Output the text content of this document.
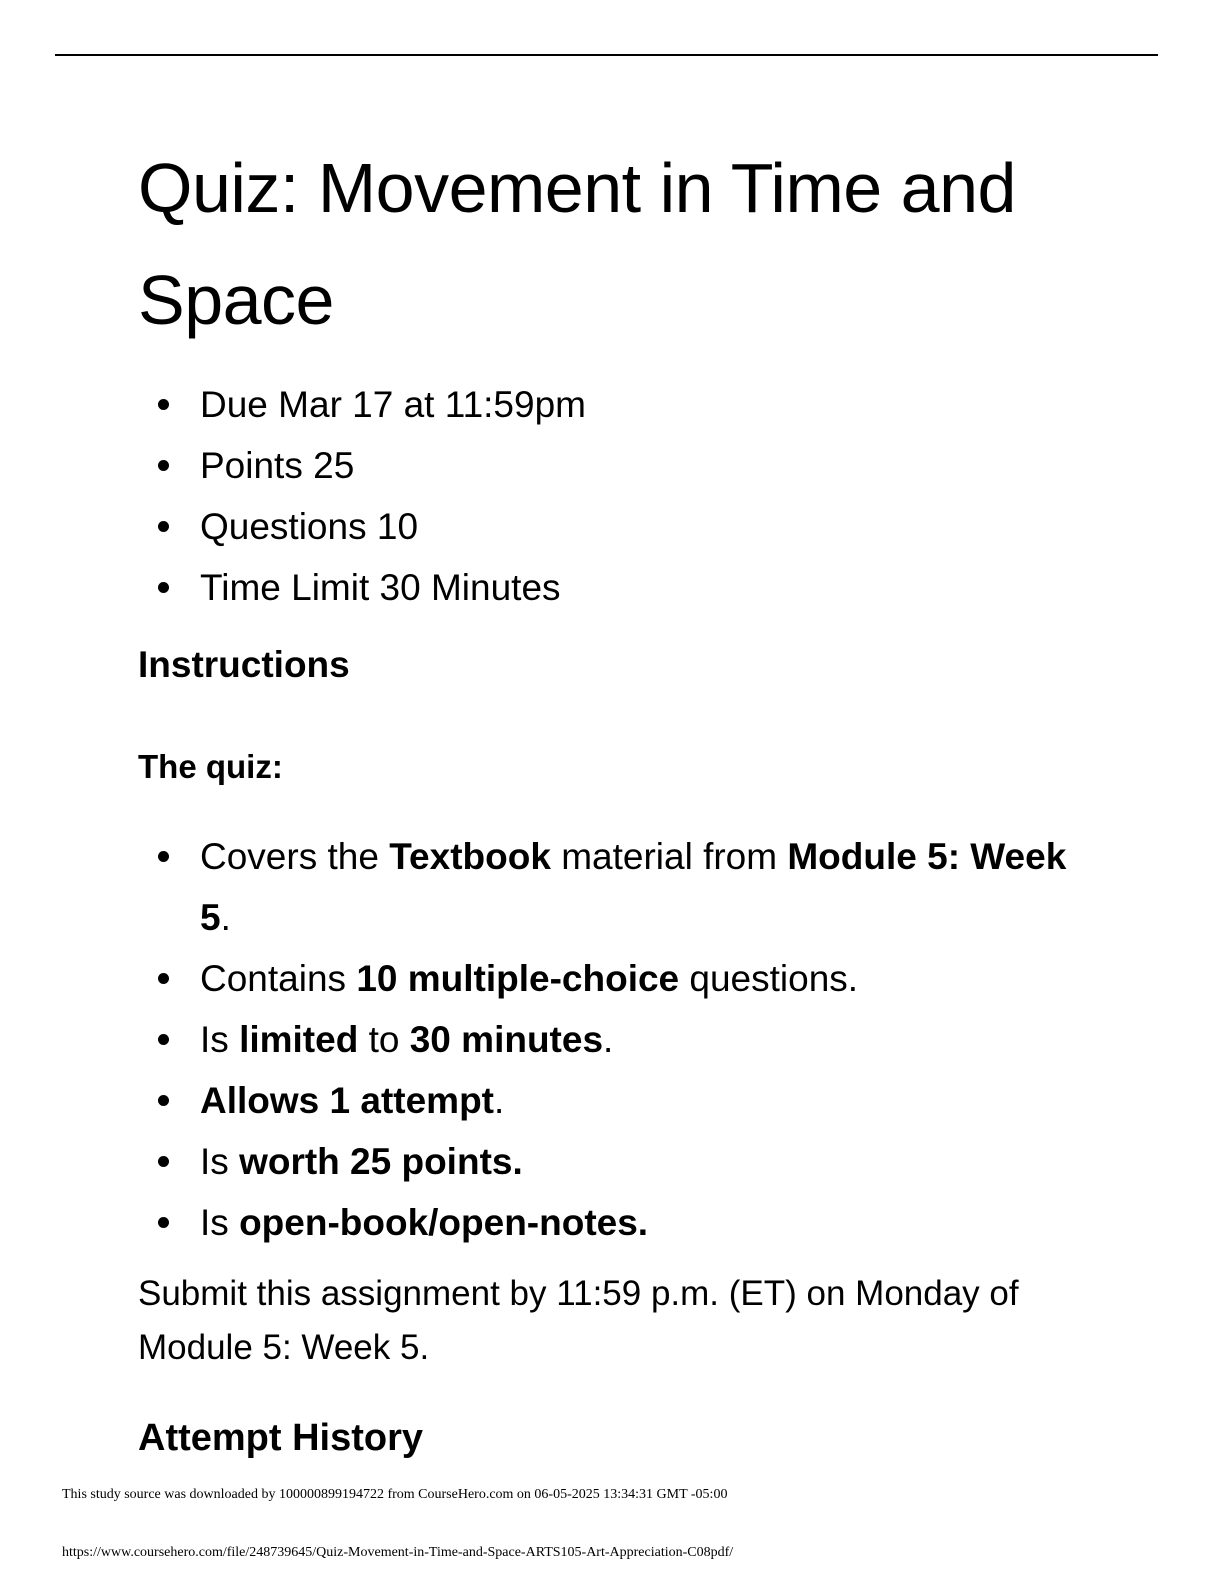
Quiz: Movement in Time and Space
Due Mar 17 at 11:59pm
Points 25
Questions 10
Time Limit 30 Minutes
Instructions
The quiz:
Covers the Textbook material from Module 5: Week 5.
Contains 10 multiple-choice questions.
Is limited to 30 minutes.
Allows 1 attempt.
Is worth 25 points.
Is open-book/open-notes.

Submit this assignment by 11:59 p.m. (ET) on Monday of Module 5: Week 5.

Attempt History
This study source was downloaded by 100000899194722 from CourseHero.com on 06-05-2025 13:34:31 GMT -05:00
https://www.coursehero.com/file/248739645/Quiz-Movement-in-Time-and-Space-ARTS105-Art-Appreciation-C08pdf/
